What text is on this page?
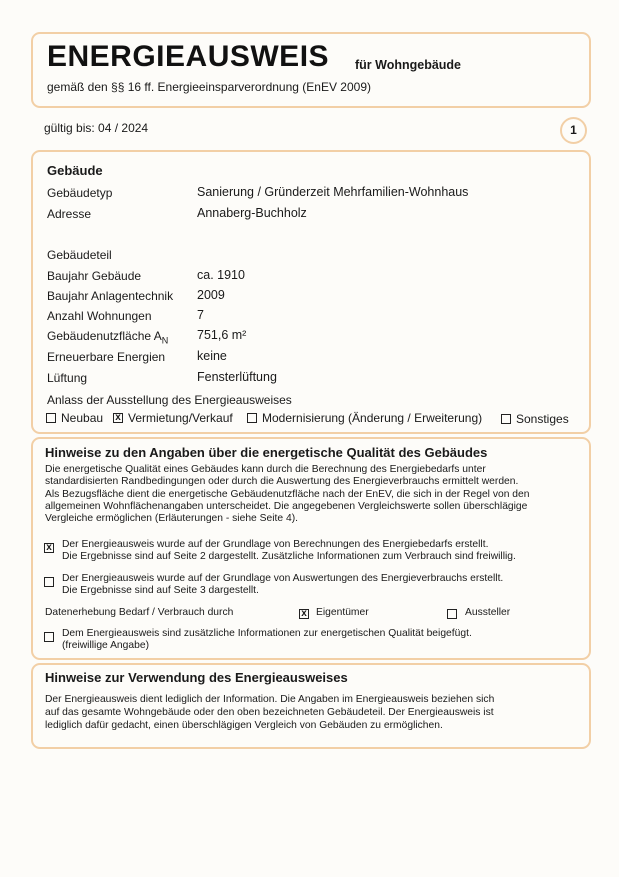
ENERGIEAUSWEIS für Wohngebäude
gemäß den §§ 16 ff. Energieeinsparverordnung (EnEV 2009)
gültig bis: 04 / 2024	1
Gebäude
Gebäudetyp	Sanierung / Gründerzeit Mehrfamilien-Wohnhaus
Adresse	Annaberg-Buchholz
Gebäudeteil
Baujahr Gebäude	ca. 1910
Baujahr Anlagentechnik 2009
Anzahl Wohnungen	7
Gebäudenutzfläche $A_N$ 751,6 m²
Erneuerbare Energien	keine
Lüftung	Fensterlüftung
Anlass der Ausstellung des Energieausweises
Neubau x Vermietung/Verkauf Modernisierung (Änderung / Erweiterung)	Sonstiges
Hinweise zu den Angaben über die energetische Qualität des Gebäudes
Die energetische Qualität eines Gebäudes kann durch die Berechnung des Energiebedarfs unter
standardisierten Randbedingungen oder durch die Auswertung des Energieverbrauchs ermittelt werden.
Als Bezugsfläche dient die energetische Gebäudenutzfläche nach der EnEV, die sich in der Regel von den
allgemeinen Wohnflächenangaben unterscheidet. Die angegebenen Vergleichswerte sollen überschlägige
Vergleiche ermöglichen (Erläuterungen - siehe Seite 4).
x Der Energieausweis wurde auf der Grundlage von Berechnungen des Energiebedarfs erstellt.
Die Ergebnisse sind auf Seite 2 dargestellt. Zusätzliche Informationen zum Verbrauch sind freiwillig.
Der Energieausweis wurde auf der Grundlage von Auswertungen des Energieverbrauchs erstellt.
Die Ergebnisse sind auf Seite 3 dargestellt.
Datenerhebung Bedarf / Verbrauch durch	x Eigentümer	Aussteller
Dem Energieausweis sind zusätzliche Informationen zur energetischen Qualität beigefügt.
(freiwillige Angabe)
Hinweise zur Verwendung des Energieausweises
Der Energieausweis dient lediglich der Information. Die Angaben im Energieausweis beziehen sich
auf das gesamte Wohngebäude oder den oben bezeichneten Gebäudeteil. Der Energieausweis ist
lediglich dafür gedacht, einen überschlägigen Vergleich von Gebäuden zu ermöglichen.
